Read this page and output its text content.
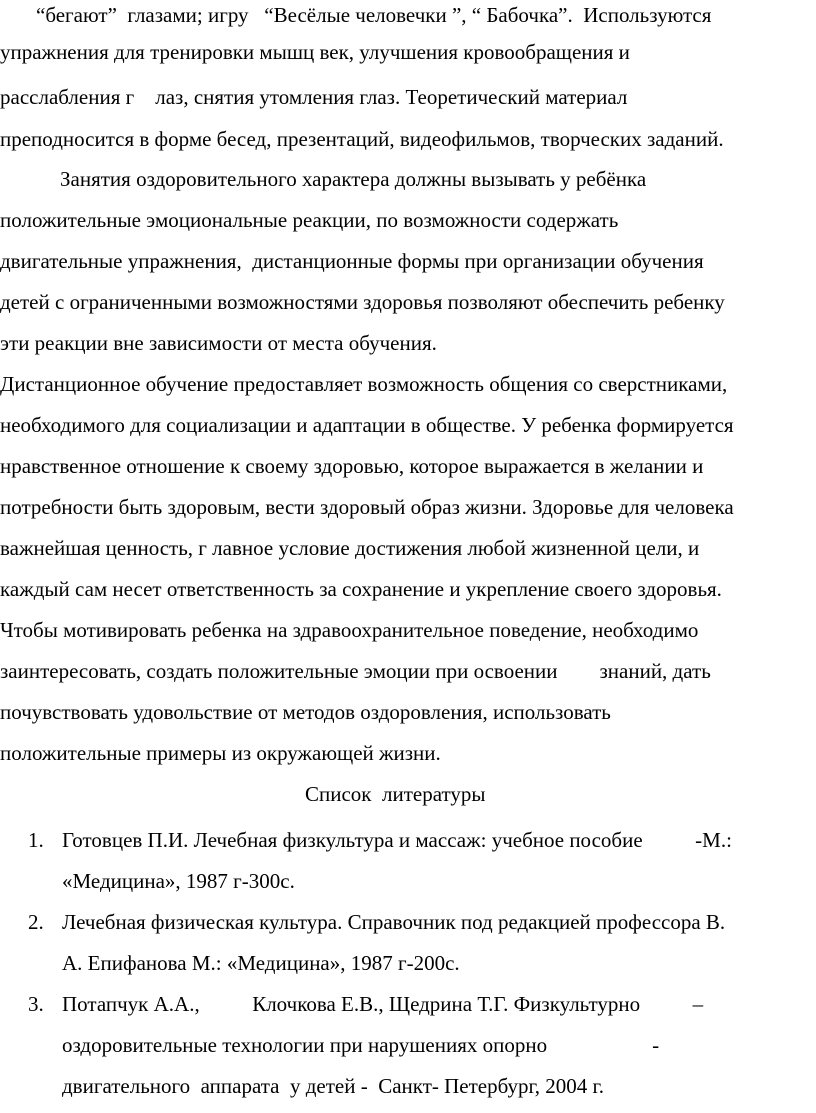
“бегают”  глазами; игру   “Весёлые человечки ”, “ Бабочка”.  Используются
упражнения для тренировки мышц век, улучшения кровообращения и
расслабления г    лаз, снятия утомления глаз. Теоретический материал
преподносится в форме бесед, презентаций, видеофильмов, творческих заданий.
Занятия оздоровительного характера должны вызывать у ребёнка
положительные эмоциональные реакции, по возможности содержать
двигательные упражнения,  дистанционные формы при организации обучения
детей с ограниченными возможностями здоровья позволяют обеспечить ребенку
эти реакции вне зависимости от места обучения.
Дистанционное обучение предоставляет возможность общения со сверстниками,
необходимого для социализации и адаптации в обществе. У ребенка формируется
нравственное отношение к своему здоровью, которое выражается в желании и
потребности быть здоровым, вести здоровый образ жизни. Здоровье для человека
важнейшая ценность, г лавное условие достижения любой жизненной цели, и
каждый сам несет ответственность за сохранение и укрепление своего здоровья.
Чтобы мотивировать ребенка на здравоохранительное поведение, необходимо
заинтересовать, создать положительные эмоции при освоении        знаний, дать
почувствовать удовольствие от методов оздоровления, использовать
положительные примеры из окружающей жизни.
Список  литературы
1. Готовцев П.И. Лечебная физкультура и массаж: учебное пособие          -М.:
«Медицина», 1987 г-300с.
2. Лечебная физическая культура. Справочник под редакцией профессора В.
А. Епифанова М.: «Медицина», 1987 г-200с.
3. Потапчук А.А.,          Клочкова Е.В., Щедрина Т.Г. Физкультурно          –
оздоровительные технологии при нарушениях опорно                    -
двигательного  аппарата  у детей -  Санкт- Петербург, 2004 г.
